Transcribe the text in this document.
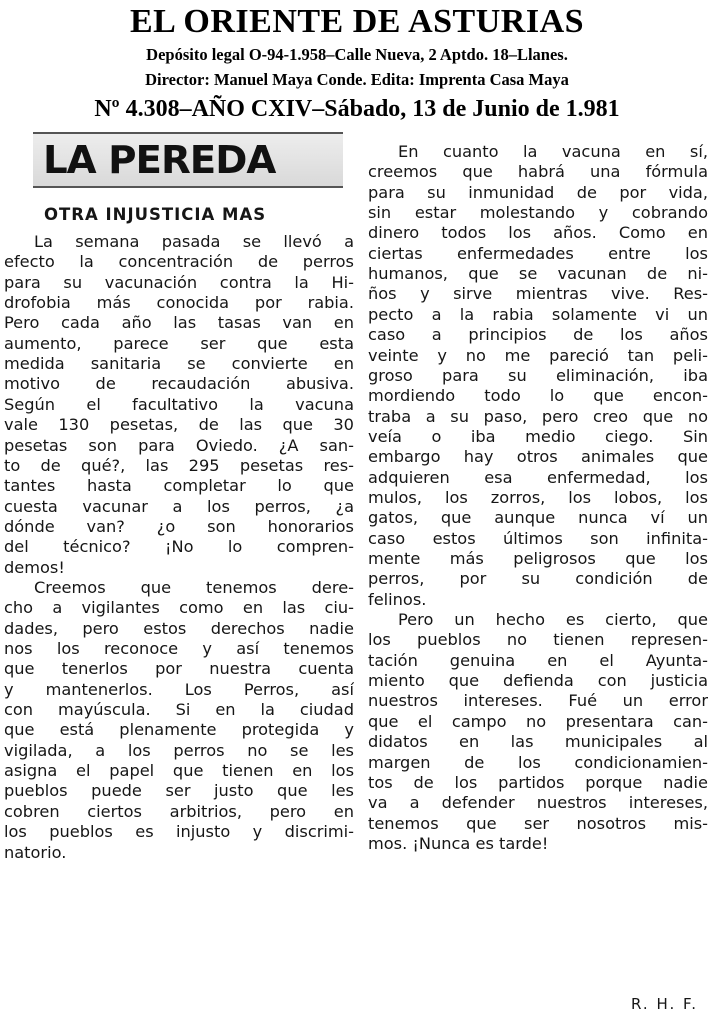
EL ORIENTE DE ASTURIAS
Depósito legal O-94-1.958–Calle Nueva, 2 Aptdo. 18–Llanes.
Director: Manuel Maya Conde. Edita: Imprenta Casa Maya
Nº 4.308–AÑO CXIV–Sábado, 13 de Junio de 1.981
LA PEREDA
OTRA INJUSTICIA MAS
La semana pasada se llevó a
efecto la concentración de perros
para su vacunación contra la Hi-
drofobia más conocida por rabia.
Pero cada año las tasas van en
aumento, parece ser que esta
medida sanitaria se convierte en
motivo de recaudación abusiva.
Según el facultativo la vacuna
vale 130 pesetas, de las que 30
pesetas son para Oviedo. ¿A san-
to de qué?, las 295 pesetas res-
tantes hasta completar lo que
cuesta vacunar a los perros, ¿a
dónde van? ¿o son honorarios
del técnico? ¡No lo compren-
demos!
Creemos que tenemos dere-
cho a vigilantes como en las ciu-
dades, pero estos derechos nadie
nos los reconoce y así tenemos
que tenerlos por nuestra cuenta
y mantenerlos. Los Perros, así
con mayúscula. Si en la ciudad
que está plenamente protegida y
vigilada, a los perros no se les
asigna el papel que tienen en los
pueblos puede ser justo que les
cobren ciertos arbitrios, pero en
los pueblos es injusto y discrimi-
natorio.
En cuanto la vacuna en sí,
creemos que habrá una fórmula
para su inmunidad de por vida,
sin estar molestando y cobrando
dinero todos los años. Como en
ciertas enfermedades entre los
humanos, que se vacunan de ni-
ños y sirve mientras vive. Res-
pecto a la rabia solamente vi un
caso a principios de los años
veinte y no me pareció tan peli-
groso para su eliminación, iba
mordiendo todo lo que encon-
traba a su paso, pero creo que no
veía o iba medio ciego. Sin
embargo hay otros animales que
adquieren esa enfermedad, los
mulos, los zorros, los lobos, los
gatos, que aunque nunca ví un
caso estos últimos son infinita-
mente más peligrosos que los
perros, por su condición de
felinos.
Pero un hecho es cierto, que
los pueblos no tienen represen-
tación genuina en el Ayunta-
miento que defienda con justicia
nuestros intereses. Fué un error
que el campo no presentara can-
didatos en las municipales al
margen de los condicionamien-
tos de los partidos porque nadie
va a defender nuestros intereses,
tenemos que ser nosotros mis-
mos. ¡Nunca es tarde!
R. H. F.
